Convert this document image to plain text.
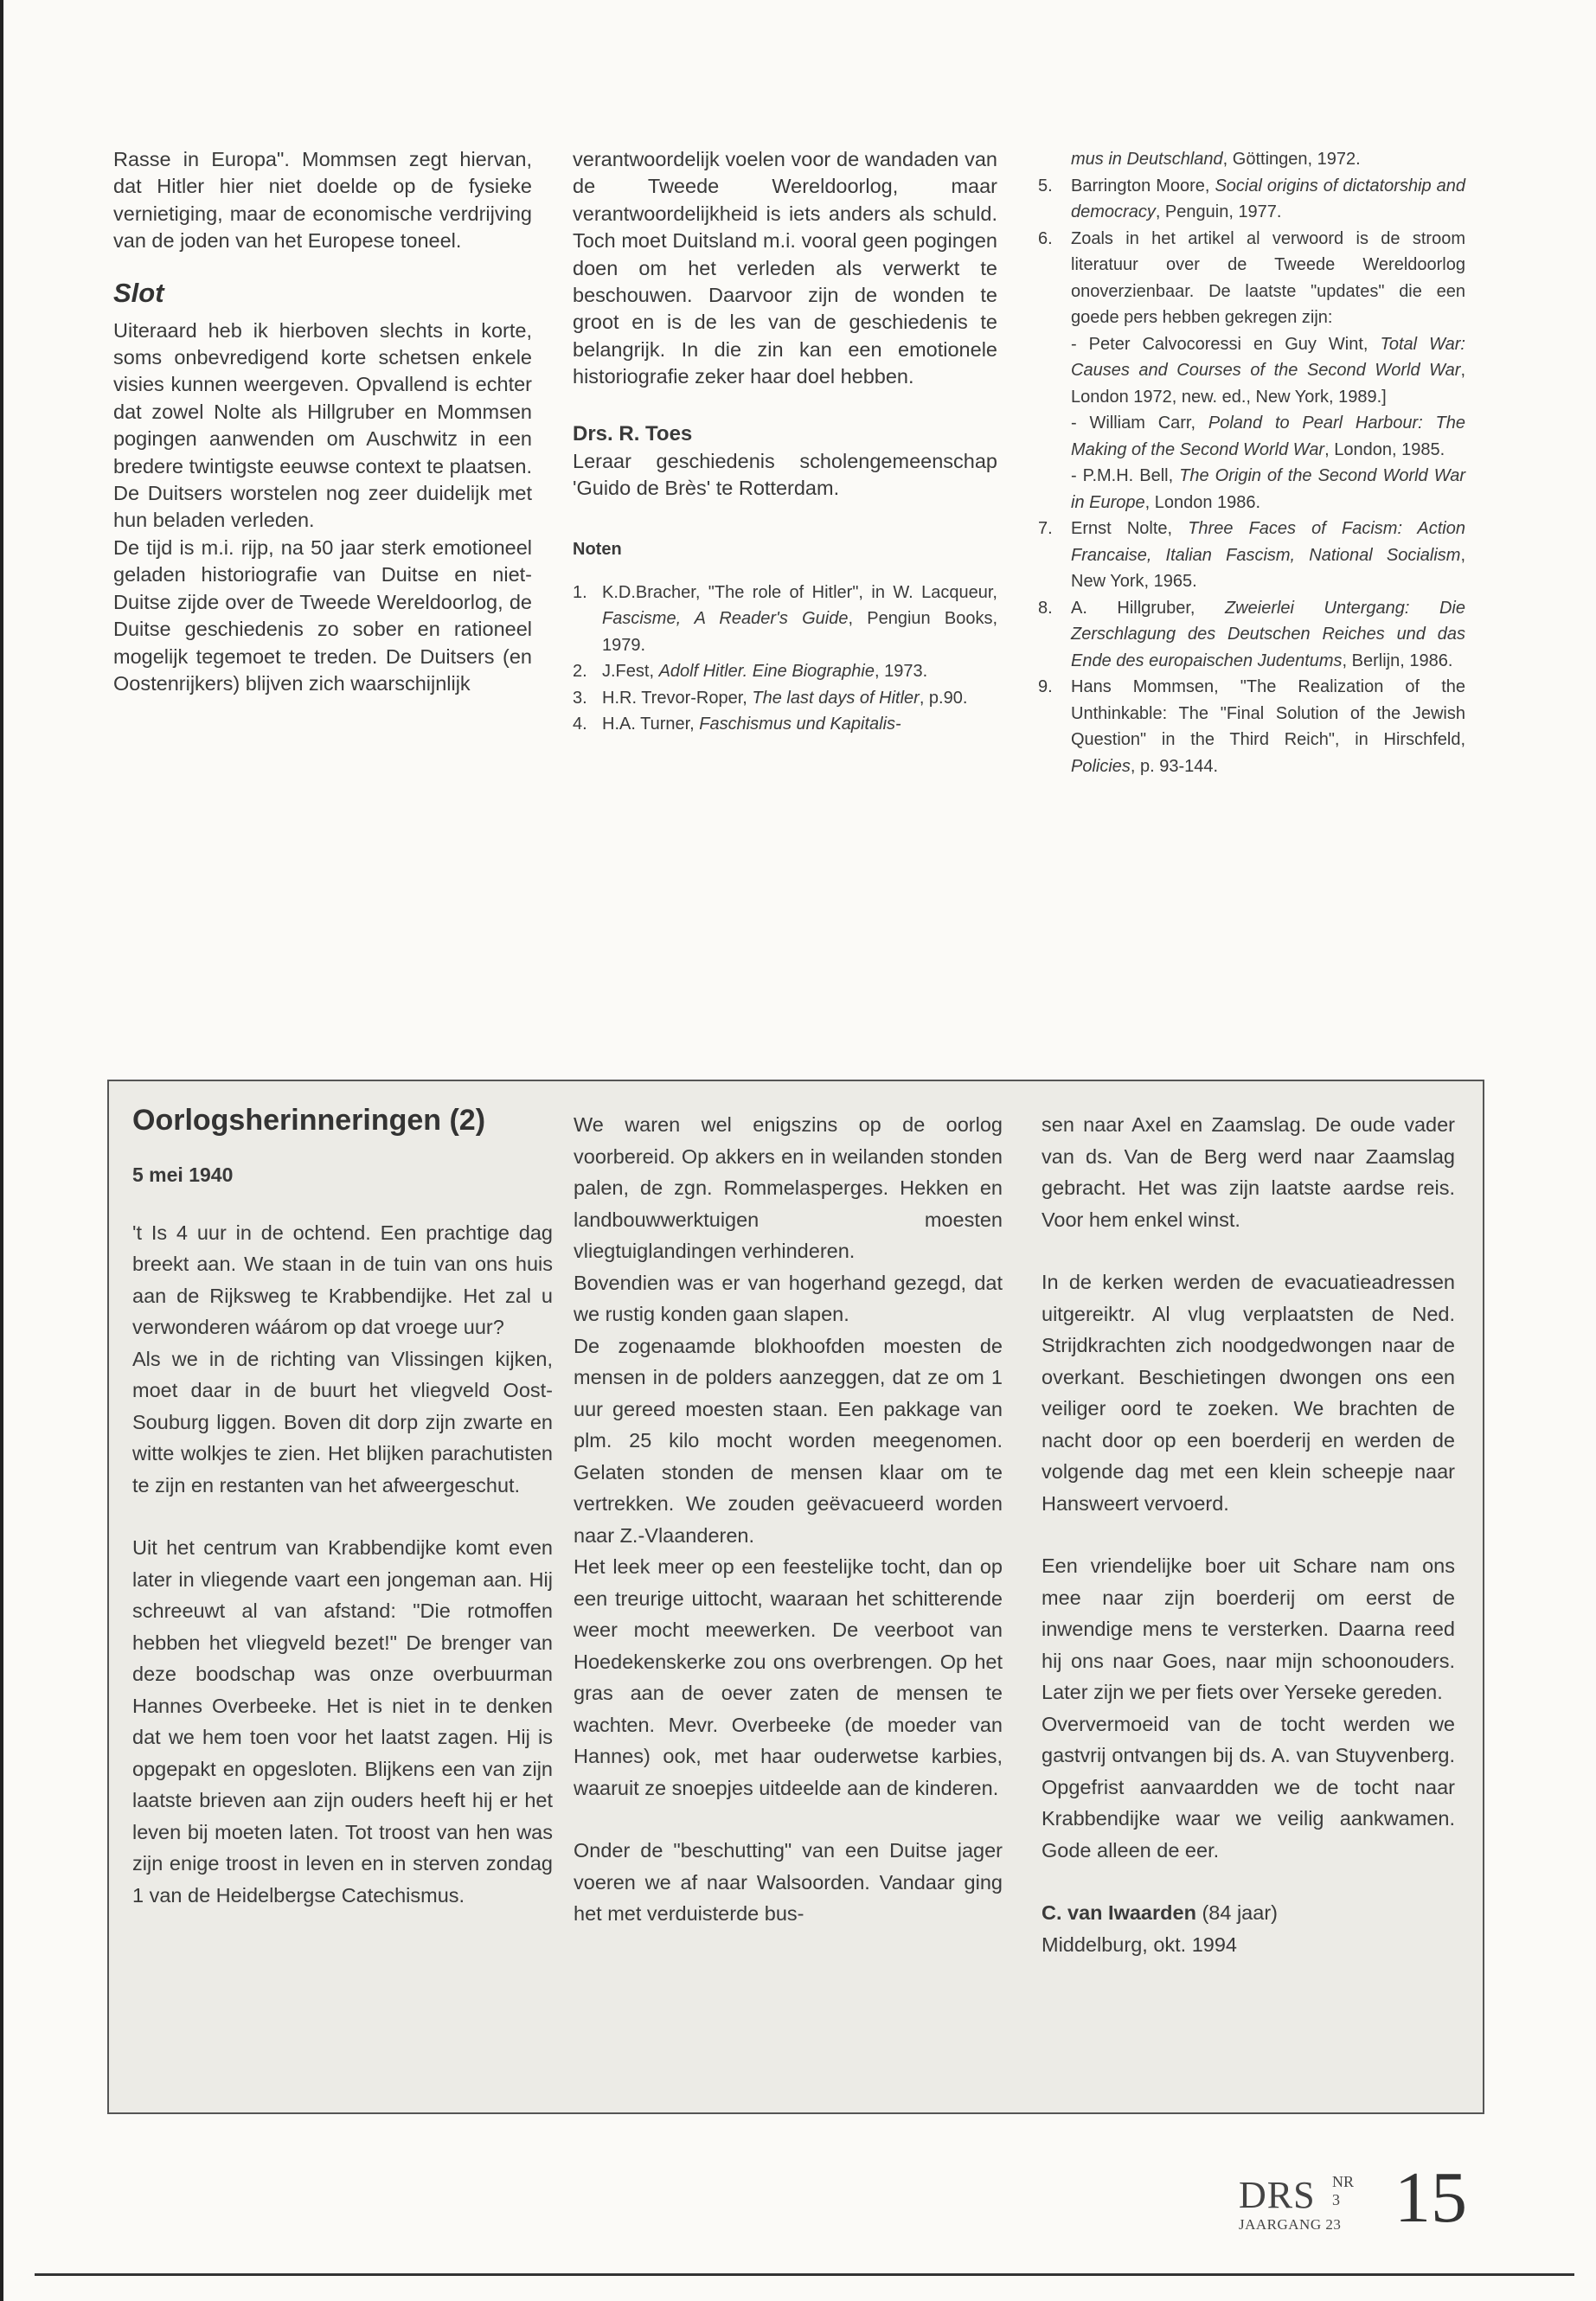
Rasse in Europa". Mommsen zegt hiervan, dat Hitler hier niet doelde op de fysieke vernietiging, maar de economische verdrijving van de joden van het Europese toneel.

Slot

Uiteraard heb ik hierboven slechts in korte, soms onbevredigend korte schetsen enkele visies kunnen weergeven. Opvallend is echter dat zowel Nolte als Hillgruber en Mommsen pogingen aanwenden om Auschwitz in een bredere twintigste eeuwse context te plaatsen. De Duitsers worstelen nog zeer duidelijk met hun beladen verleden.

De tijd is m.i. rijp, na 50 jaar sterk emotioneel geladen historiografie van Duitse en niet-Duitse zijde over de Tweede Wereldoorlog, de Duitse geschiedenis zo sober en rationeel mogelijk tegemoet te treden. De Duitsers (en Oostenrijkers) blijven zich waarschijnlijk

verantwoordelijk voelen voor de wandaden van de Tweede Wereldoorlog, maar verantwoordelijkheid is iets anders als schuld. Toch moet Duitsland m.i. vooral geen pogingen doen om het verleden als verwerkt te beschouwen. Daarvoor zijn de wonden te groot en is de les van de geschiedenis te belangrijk. In die zin kan een emotionele historiografie zeker haar doel hebben.

Drs. R. Toes

Leraar geschiedenis scholengemeenschap 'Guido de Brès' te Rotterdam.

Noten
1. K.D.Bracher, "The role of Hitler", in W. Lacqueur, Fascisme, A Reader's Guide, Pengiun Books, 1979.
2. J.Fest, Adolf Hitler. Eine Biographie, 1973.
3. H.R. Trevor-Roper, The last days of Hitler, p.90.
4. H.A. Turner, Faschismus und Kapitalis-
mus in Deutschland, Göttingen, 1972.
5. Barrington Moore, Social origins of dictatorship and democracy, Penguin, 1977.
6. Zoals in het artikel al verwoord is de stroom literatuur over de Tweede Wereldoorlog onoverzienbaar. De laatste "updates" die een goede pers hebben gekregen zijn:
- Peter Calvocoressi en Guy Wint, Total War: Causes and Courses of the Second World War, London 1972, new. ed., New York, 1989.]
- William Carr, Poland to Pearl Harbour: The Making of the Second World War, London, 1985.
- P.M.H. Bell, The Origin of the Second World War in Europe, London 1986.
7. Ernst Nolte, Three Faces of Facism: Action Francaise, Italian Fascism, National Socialism, New York, 1965.
8. A. Hillgruber, Zweierlei Untergang: Die Zerschlagung des Deutschen Reiches und das Ende des europaischen Judentums, Berlijn, 1986.
9. Hans Mommsen, "The Realization of the Unthinkable: The "Final Solution of the Jewish Question" in the Third Reich", in Hirschfeld, Policies, p. 93-144.
Oorlogsherinneringen (2)
5 mei 1940

't Is 4 uur in de ochtend. Een prachtige dag breekt aan. We staan in de tuin van ons huis aan de Rijksweg te Krabbendijke. Het zal u verwonderen wáárom op dat vroege uur?

Als we in de richting van Vlissingen kijken, moet daar in de buurt het vliegveld Oost-Souburg liggen. Boven dit dorp zijn zwarte en witte wolkjes te zien. Het blijken parachutisten te zijn en restanten van het afweergeschut.

Uit het centrum van Krabbendijke komt even later in vliegende vaart een jongeman aan. Hij schreeuwt al van afstand: "Die rotmoffen hebben het vliegveld bezet!" De brenger van deze boodschap was onze overbuurman Hannes Overbeeke. Het is niet in te denken dat we hem toen voor het laatst zagen. Hij is opgepakt en opgesloten. Blijkens een van zijn laatste brieven aan zijn ouders heeft hij er het leven bij moeten laten. Tot troost van hen was zijn enige troost in leven en in sterven zondag 1 van de Heidelbergse Catechismus.

We waren wel enigszins op de oorlog voorbereid. Op akkers en in weilanden stonden palen, de zgn. Rommelasperges. Hekken en landbouwwerktuigen moesten vliegtuiglandingen verhinderen.

Bovendien was er van hogerhand gezegd, dat we rustig konden gaan slapen.

De zogenaamde blokhoofden moesten de mensen in de polders aanzeggen, dat ze om 1 uur gereed moesten staan. Een pakkage van plm. 25 kilo mocht worden meegenomen. Gelaten stonden de mensen klaar om te vertrekken. We zouden geëvacueerd worden naar Z.-Vlaanderen.

Het leek meer op een feestelijke tocht, dan op een treurige uittocht, waaraan het schitterende weer mocht meewerken. De veerboot van Hoedekenskerke zou ons overbrengen. Op het gras aan de oever zaten de mensen te wachten. Mevr. Overbeeke (de moeder van Hannes) ook, met haar ouderwetse karbies, waaruit ze snoepjes uitdeelde aan de kinderen.

Onder de "beschutting" van een Duitse jager voeren we af naar Walsoorden. Vandaar ging het met verduisterde bus-

sen naar Axel en Zaamslag. De oude vader van ds. Van de Berg werd naar Zaamslag gebracht. Het was zijn laatste aardse reis. Voor hem enkel winst.

In de kerken werden de evacuatieadressen uitgereiktr. Al vlug verplaatsten de Ned. Strijdkrachten zich noodgedwongen naar de overkant. Beschietingen dwongen ons een veiliger oord te zoeken. We brachten de nacht door op een boerderij en werden de volgende dag met een klein scheepje naar Hansweert vervoerd.

Een vriendelijke boer uit Schare nam ons mee naar zijn boerderij om eerst de inwendige mens te versterken. Daarna reed hij ons naar Goes, naar mijn schoonouders. Later zijn we per fiets over Yerseke gereden.

Oververmoeid van de tocht werden we gastvrij ontvangen bij ds. A. van Stuyvenberg. Opgefrist aanvaardden we de tocht naar Krabbendijke waar we veilig aankwamen. Gode alleen de eer.

C. van Iwaarden (84 jaar)

Middelburg, okt. 1994

DRS NR 3
JAARGANG 23 15
